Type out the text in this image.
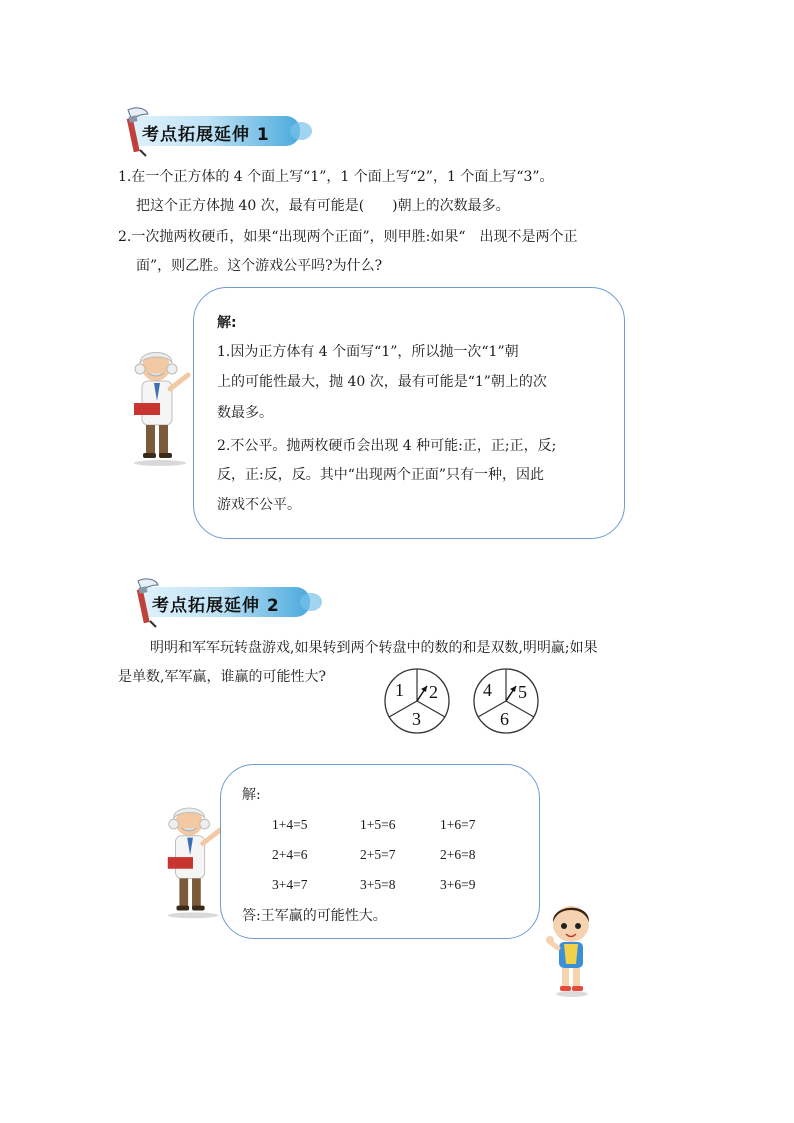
考点拓展延伸 1
1.在一个正方体的 4 个面上写“1”，1 个面上写“2”，1 个面上写“3”。
把这个正方体抛 40 次，最有可能是(　　)朝上的次数最多。
2.一次抛两枚硬币，如果“出现两个正面”，则甲胜:如果“　出现不是两个正
面”，则乙胜。这个游戏公平吗?为什么?
解:
1.因为正方体有 4 个面写“1”，所以抛一次“1”朝
上的可能性最大，抛 40 次，最有可能是“1”朝上的次
数最多。
2.不公平。抛两枚硬币会出现 4 种可能:正，正;正，反;
反，正:反，反。其中“出现两个正面”只有一种，因此
游戏不公平。
考点拓展延伸 2
明明和军军玩转盘游戏,如果转到两个转盘中的数的和是双数,明明赢;如果
是单数,军军赢，谁赢的可能性大?
1 2
3
4 5
6
解:
1+4=5	1+5=6	1+6=7
2+4=6	2+5=7	2+6=8
3+4=7	3+5=8	3+6=9
答:王军赢的可能性大。
